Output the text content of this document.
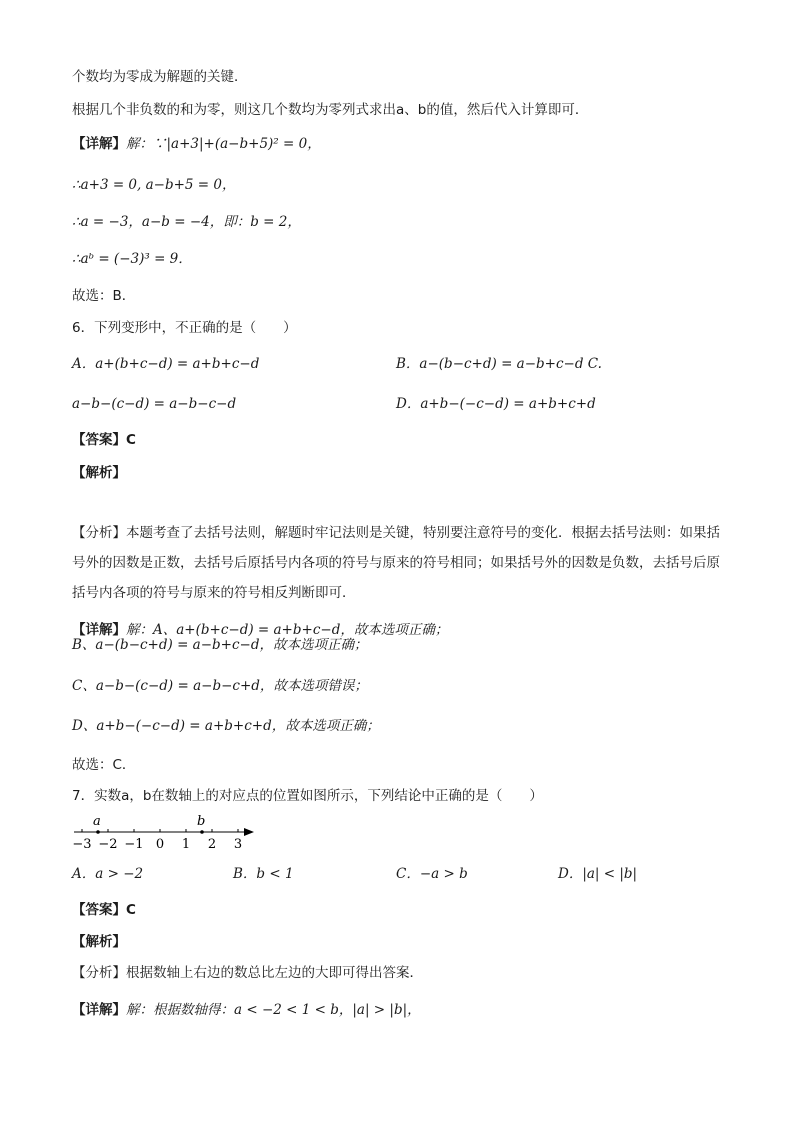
个数均为零成为解题的关键．
根据几个非负数的和为零，则这几个数均为零列式求出a、b的值，然后代入计算即可．
【详解】解：∵|a+3|+(a−b+5)² = 0，
∴a+3 = 0, a−b+5 = 0，
∴a = −3，a−b = −4，即：b = 2，
∴aᵇ = (−3)³ = 9．
故选：B．
6．下列变形中，不正确的是（　　）
A．a+(b+c−d) = a+b+c−d	B．a−(b−c+d) = a−b+c−d C.
a−b−(c−d) = a−b−c−d	D．a+b−(−c−d) = a+b+c+d
【答案】C
【解析】
【分析】本题考查了去括号法则，解题时牢记法则是关键，特别要注意符号的变化．根据去括号法则：如果括号外的因数是正数，去括号后原括号内各项的符号与原来的符号相同；如果括号外的因数是负数，去括号后原括号内各项的符号与原来的符号相反判断即可．
【详解】解：A、a+(b+c−d) = a+b+c−d，故本选项正确；
B、a−(b−c+d) = a−b+c−d，故本选项正确；
C、a−b−(c−d) = a−b−c+d，故本选项错误；
D、a+b−(−c−d) = a+b+c+d，故本选项正确；
故选：C．
7．实数a，b在数轴上的对应点的位置如图所示，下列结论中正确的是（　　）
−3 −2 −1 0 1 2 3
a	b
A．a > −2	B．b < 1	C．−a > b	D．|a| < |b|
【答案】C
【解析】
【分析】根据数轴上右边的数总比左边的大即可得出答案．
【详解】解：根据数轴得：a < −2 < 1 < b，|a| > |b|，
